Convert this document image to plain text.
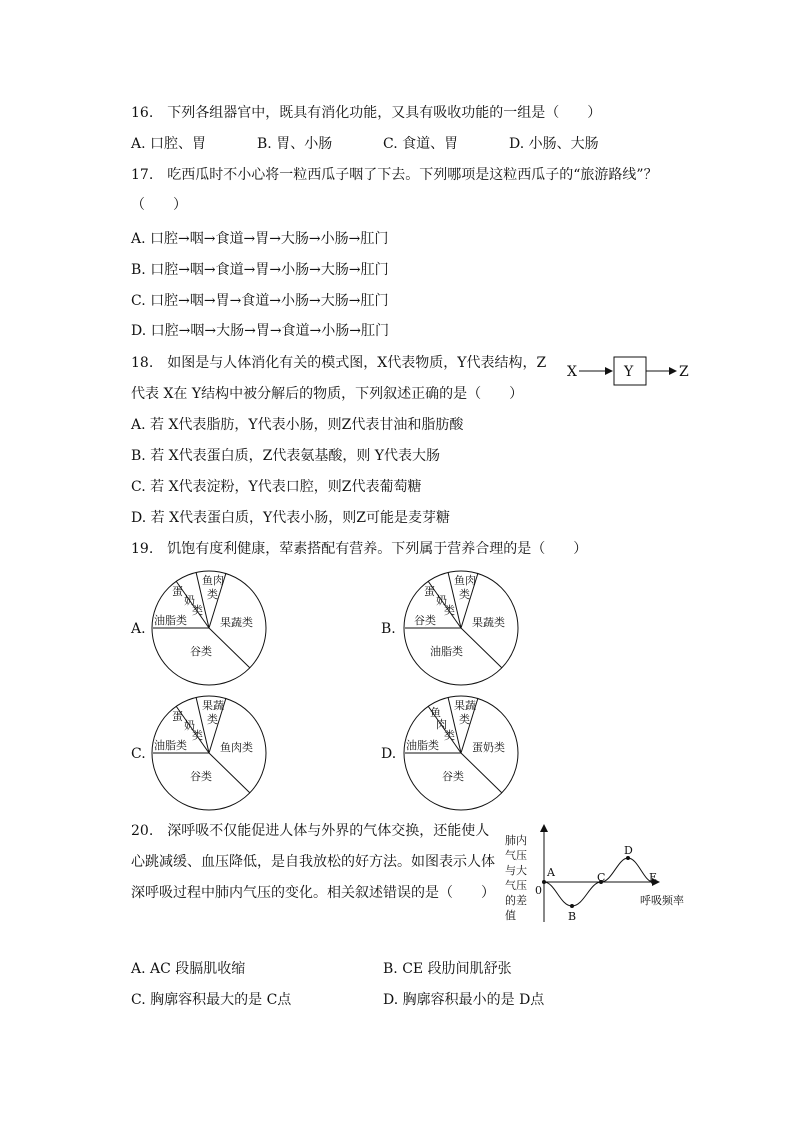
16.　下列各组器官中，既具有消化功能，又具有吸收功能的一组是（　　）
A. 口腔、胃	B. 胃、小肠	C. 食道、胃	D. 小肠、大肠
17.　吃西瓜时不小心将一粒西瓜子咽了下去。下列哪项是这粒西瓜子的“旅游路线”？
（　　）
A. 口腔→咽→食道→胃→大肠→小肠→肛门
B. 口腔→咽→食道→胃→小肠→大肠→肛门
C. 口腔→咽→胃→食道→小肠→大肠→肛门
D. 口腔→咽→大肠→胃→食道→小肠→肛门
18.　如图是与人体消化有关的模式图，X代表物质，Y代表结构，Z
代表 X在 Y结构中被分解后的物质，下列叙述正确的是（　　）
X	Y	Z
A. 若 X代表脂肪，Y代表小肠，则Z代表甘油和脂肪酸
B. 若 X代表蛋白质，Z代表氨基酸，则 Y代表大肠
C. 若 X代表淀粉，Y代表口腔，则Z代表葡萄糖
D. 若 X代表蛋白质，Y代表小肠，则Z可能是麦芽糖
19.　饥饱有度利健康，荤素搭配有营养。下列属于营养合理的是（　　）
A.
鱼肉
类
蛋
奶
类
果蔬类
油脂类
谷类
B.
鱼肉
类
蛋
奶
类
果蔬类
谷类
油脂类
C.
果蔬
类
蛋
奶
类
鱼肉类
油脂类
谷类
D.
果蔬
类
鱼
肉
类
蛋奶类
油脂类
谷类
20.　深呼吸不仅能促进人体与外界的气体交换，还能使人
心跳减缓、血压降低，是自我放松的好方法。如图表示人体
深呼吸过程中肺内气压的变化。相关叙述错误的是（　　）
肺内
气压
与大
气压
的差
值
0
呼吸频率
A
B
C
D
E
A. AC 段膈肌收缩	B. CE 段肋间肌舒张
C. 胸廓容积最大的是 C点	D. 胸廓容积最小的是 D点
